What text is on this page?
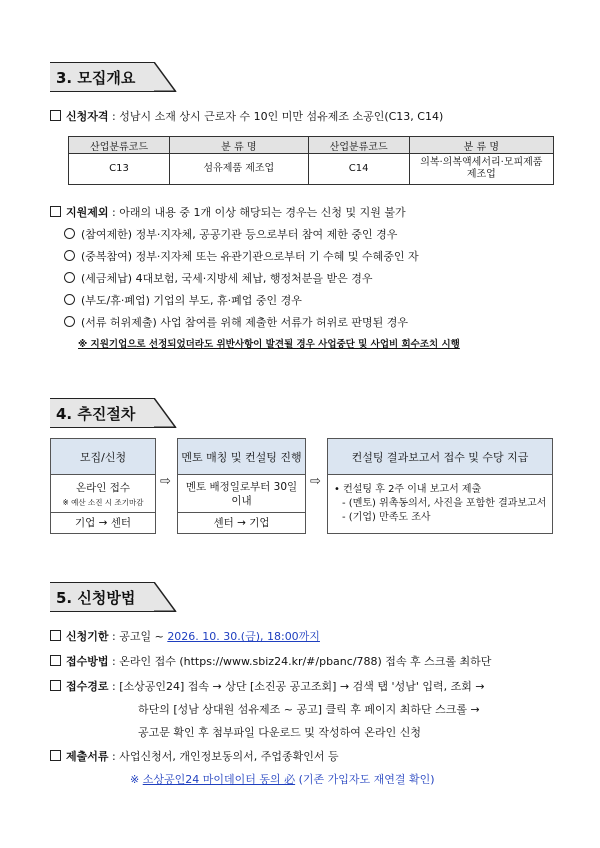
3. 모집개요
신청자격 : 성남시 소재 상시 근로자 수 10인 미만 섬유제조 소공인(C13, C14)
산업분류코드	분 류 명	산업분류코드	분 류 명
C13	섬유제품 제조업	C14	의복·의복액세서리·모피제품
제조업
지원제외 : 아래의 내용 중 1개 이상 해당되는 경우는 신청 및 지원 불가
(참여제한) 정부·지자체, 공공기관 등으로부터 참여 제한 중인 경우
(중복참여) 정부·지자체 또는 유관기관으로부터 기 수혜 및 수혜중인 자
(세금체납) 4대보험, 국세·지방세 체납, 행정처분을 받은 경우
(부도/휴·폐업) 기업의 부도, 휴·폐업 중인 경우
(서류 허위제출) 사업 참여를 위해 제출한 서류가 허위로 판명된 경우
※ 지원기업으로 선정되었더라도 위반사항이 발견될 경우 사업중단 및 사업비 회수조치 시행
4. 추진절차
모집/신청
온라인 접수
※ 예산 소진 시 조기마감
기업 → 센터
⇨
멘토 매칭 및 컨설팅 진행
멘토 배정일로부터 30일
이내
센터 → 기업
⇨
컨설팅 결과보고서 접수 및 수당 지급
• 컨설팅 후 2주 이내 보고서 제출
- (멘토) 위촉동의서, 사진을 포함한 결과보고서
- (기업) 만족도 조사
5. 신청방법
신청기한 : 공고일 ~ 2026. 10. 30.(금), 18:00까지
접수방법 : 온라인 접수 (https://www.sbiz24.kr/#/pbanc/788) 접속 후 스크롤 최하단
접수경로 : [소상공인24] 접속 → 상단 [소진공 공고조회] → 검색 탭 '성남' 입력, 조회 →
하단의 [성남 상대원 섬유제조 ~ 공고] 클릭 후 페이지 최하단 스크롤 →
공고문 확인 후 첨부파일 다운로드 및 작성하여 온라인 신청
제출서류 : 사업신청서, 개인정보동의서, 주업종확인서 등
※ 소상공인24 마이데이터 동의 必 (기존 가입자도 재연결 확인)
